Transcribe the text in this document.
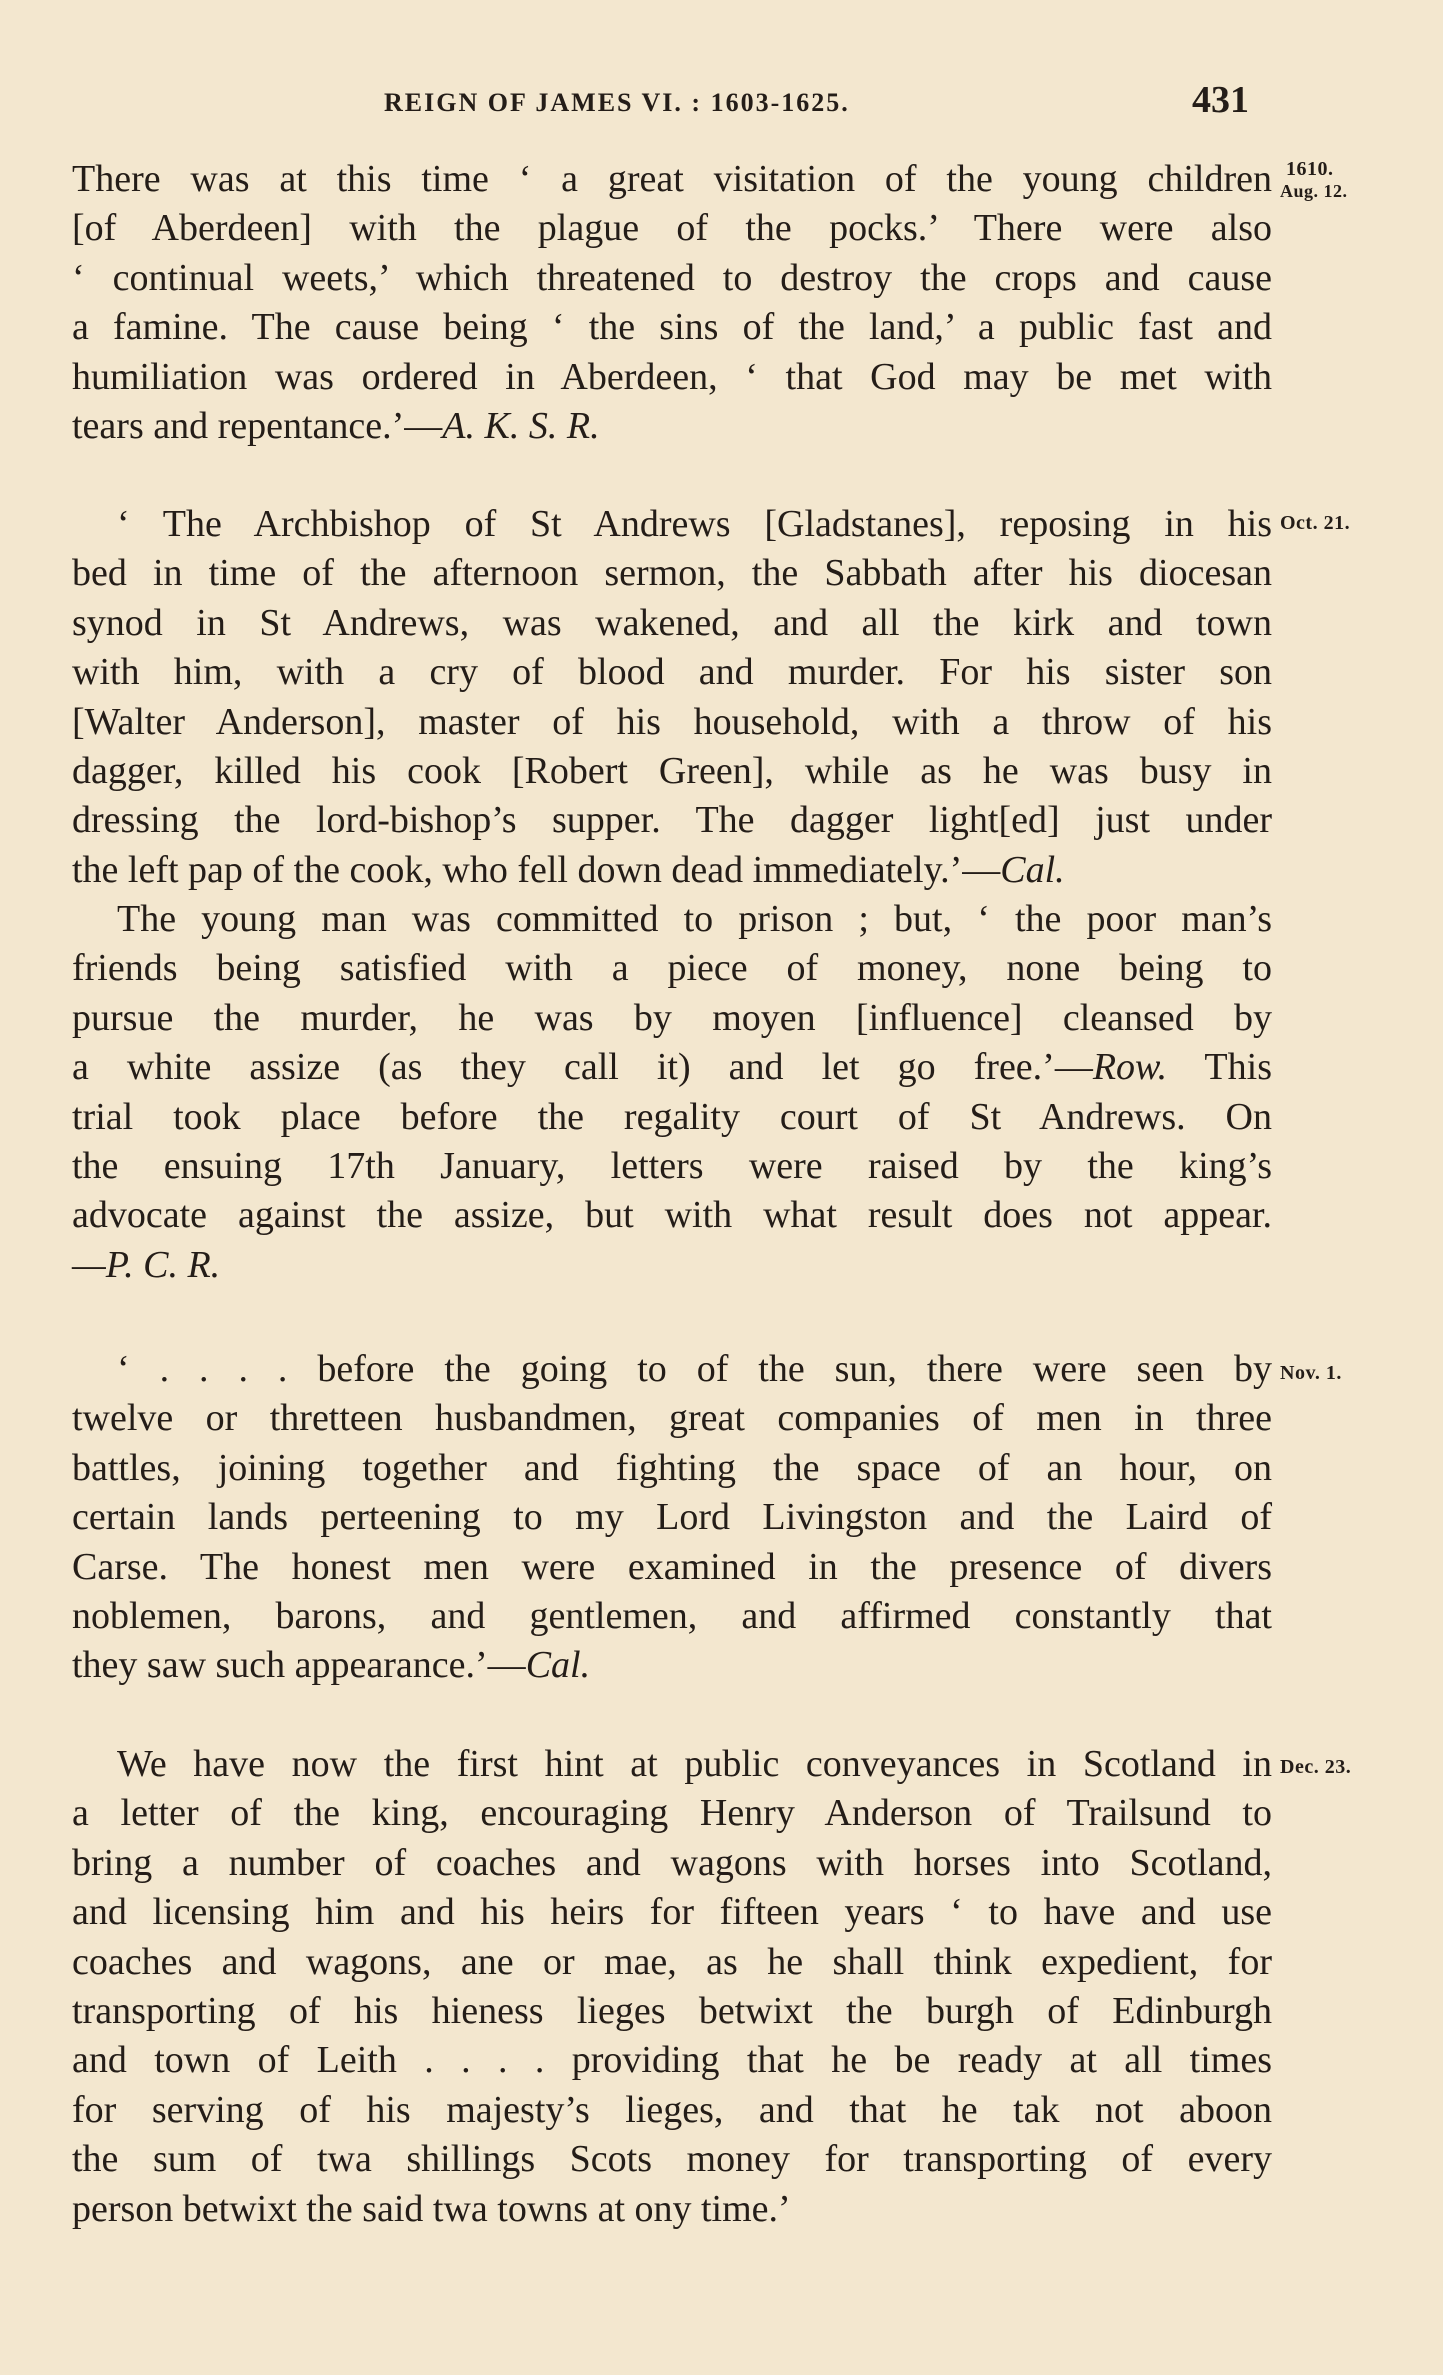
REIGN OF JAMES VI. : 1603-1625.	431
1610.
Aug. 12.
There was at this time ‘ a great visitation of the young children
[of Aberdeen] with the plague of the pocks.’ There were also
‘ continual weets,’ which threatened to destroy the crops and cause
a famine. The cause being ‘ the sins of the land,’ a public fast and
humiliation was ordered in Aberdeen, ‘ that God may be met with
tears and repentance.’—A. K. S. R.
Oct. 21.
‘ The Archbishop of St Andrews [Gladstanes], reposing in his
bed in time of the afternoon sermon, the Sabbath after his diocesan
synod in St Andrews, was wakened, and all the kirk and town
with him, with a cry of blood and murder. For his sister son
[Walter Anderson], master of his household, with a throw of his
dagger, killed his cook [Robert Green], while as he was busy in
dressing the lord-bishop’s supper. The dagger light[ed] just under
the left pap of the cook, who fell down dead immediately.’—Cal.
The young man was committed to prison ; but, ‘ the poor man’s
friends being satisfied with a piece of money, none being to
pursue the murder, he was by moyen [influence] cleansed by
a white assize (as they call it) and let go free.’—Row. This
trial took place before the regality court of St Andrews. On
the ensuing 17th January, letters were raised by the king’s
advocate against the assize, but with what result does not appear.
—P. C. R.
Nov. 1.
‘ . . . . before the going to of the sun, there were seen by
twelve or thretteen husbandmen, great companies of men in three
battles, joining together and fighting the space of an hour, on
certain lands perteening to my Lord Livingston and the Laird of
Carse. The honest men were examined in the presence of divers
noblemen, barons, and gentlemen, and affirmed constantly that
they saw such appearance.’—Cal.
Dec. 23.
We have now the first hint at public conveyances in Scotland in
a letter of the king, encouraging Henry Anderson of Trailsund to
bring a number of coaches and wagons with horses into Scotland,
and licensing him and his heirs for fifteen years ‘ to have and use
coaches and wagons, ane or mae, as he shall think expedient, for
transporting of his hieness lieges betwixt the burgh of Edinburgh
and town of Leith . . . . providing that he be ready at all times
for serving of his majesty’s lieges, and that he tak not aboon
the sum of twa shillings Scots money for transporting of every
person betwixt the said twa towns at ony time.’
